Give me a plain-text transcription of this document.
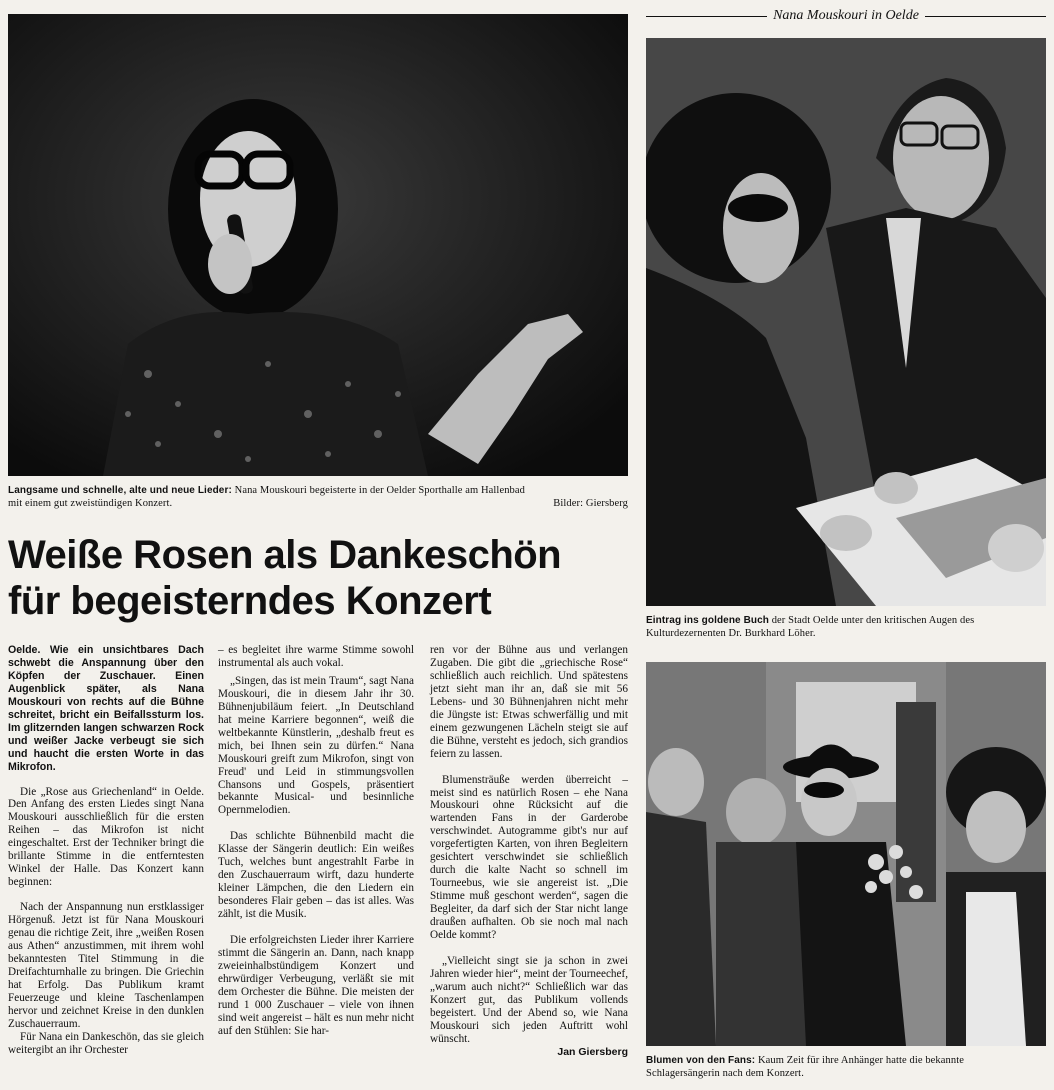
Nana Mouskouri in Oelde
Langsame und schnelle, alte und neue Lieder: Nana Mouskouri begeisterte in der Oelder Sporthalle am Hallenbad
mit einem gut zweistündigen Konzert.	Bilder: Giersberg
Weiße Rosen als Dankeschön
für begeisterndes Konzert

Oelde. Wie ein unsichtbares Dach schwebt die Anspannung über den Köpfen der Zuschauer. Einen Augenblick später, als Nana Mouskouri von rechts auf die Bühne schreitet, bricht ein Beifallssturm los. Im glitzernden langen schwarzen Rock und weißer Jacke verbeugt sie sich und haucht die ersten Worte in das Mikrofon.

Die „Rose aus Griechenland“ in Oelde. Den Anfang des ersten Liedes singt Nana Mouskouri ausschließlich für die ersten Reihen – das Mikrofon ist nicht eingeschaltet. Erst der Techniker bringt die brillante Stimme in die entferntesten Winkel der Halle. Das Konzert kann beginnen:

Nach der Anspannung nun erstklassiger Hörgenuß. Jetzt ist für Nana Mouskouri genau die richtige Zeit, ihre „weißen Rosen aus Athen“ anzustimmen, mit ihrem wohl bekanntesten Titel Stimmung in die Dreifachturnhalle zu bringen. Die Griechin hat Erfolg. Das Publikum kramt Feuerzeuge und kleine Taschenlampen hervor und zeichnet Kreise in den dunklen Zuschauerraum.

Für Nana ein Dankeschön, das sie gleich weitergibt an ihr Orchester

– es begleitet ihre warme Stimme sowohl instrumental als auch vokal.

„Singen, das ist mein Traum“, sagt Nana Mouskouri, die in diesem Jahr ihr 30. Bühnenjubiläum feiert. „In Deutschland hat meine Karriere begonnen“, weiß die weltbekannte Künstlerin, „deshalb freut es mich, bei Ihnen sein zu dürfen.“ Nana Mouskouri greift zum Mikrofon, singt von Freud' und Leid in stimmungsvollen Chansons und Gospels, präsentiert bekannte Musical- und besinnliche Opernmelodien.

Das schlichte Bühnenbild macht die Klasse der Sängerin deutlich: Ein weißes Tuch, welches bunt angestrahlt Farbe in den Zuschauerraum wirft, dazu hunderte kleiner Lämpchen, die den Liedern ein besonderes Flair geben – das ist alles. Was zählt, ist die Musik.

Die erfolgreichsten Lieder ihrer Karriere stimmt die Sängerin an. Dann, nach knapp zweieinhalbstündigem Konzert und ehrwürdiger Verbeugung, verläßt sie mit dem Orchester die Bühne. Die meisten der rund 1 000 Zuschauer – viele von ihnen sind weit angereist – hält es nun mehr nicht auf den Stühlen: Sie har-

ren vor der Bühne aus und verlangen Zugaben. Die gibt die „griechische Rose“ schließlich auch reichlich. Und spätestens jetzt sieht man ihr an, daß sie mit 56 Lebens- und 30 Bühnenjahren nicht mehr die Jüngste ist: Etwas schwerfällig und mit einem gezwungenen Lächeln steigt sie auf die Bühne, versteht es jedoch, sich grandios feiern zu lassen.

Blumensträuße werden überreicht – meist sind es natürlich Rosen – ehe Nana Mouskouri ohne Rücksicht auf die wartenden Fans in der Garderobe verschwindet. Autogramme gibt's nur auf vorgefertigten Karten, von ihren Begleitern gesichtert verschwindet sie schließlich durch die kalte Nacht so schnell im Tourneebus, wie sie angereist ist. „Die Stimme muß geschont werden“, sagen die Begleiter, da darf sich der Star nicht lange draußen aufhalten. Ob sie noch mal nach Oelde kommt?

„Vielleicht singt sie ja schon in zwei Jahren wieder hier“, meint der Tourneechef, „warum auch nicht?“ Schließlich war das Konzert gut, das Publikum vollends begeistert. Und der Abend so, wie Nana Mouskouri sich jeden Auftritt wohl wünscht.

Jan Giersberg
Eintrag ins goldene Buch der Stadt Oelde unter den kritischen Augen des
Kulturdezernenten Dr. Burkhard Löher.
Blumen von den Fans: Kaum Zeit für ihre Anhänger hatte die bekannte
Schlagersängerin nach dem Konzert.
